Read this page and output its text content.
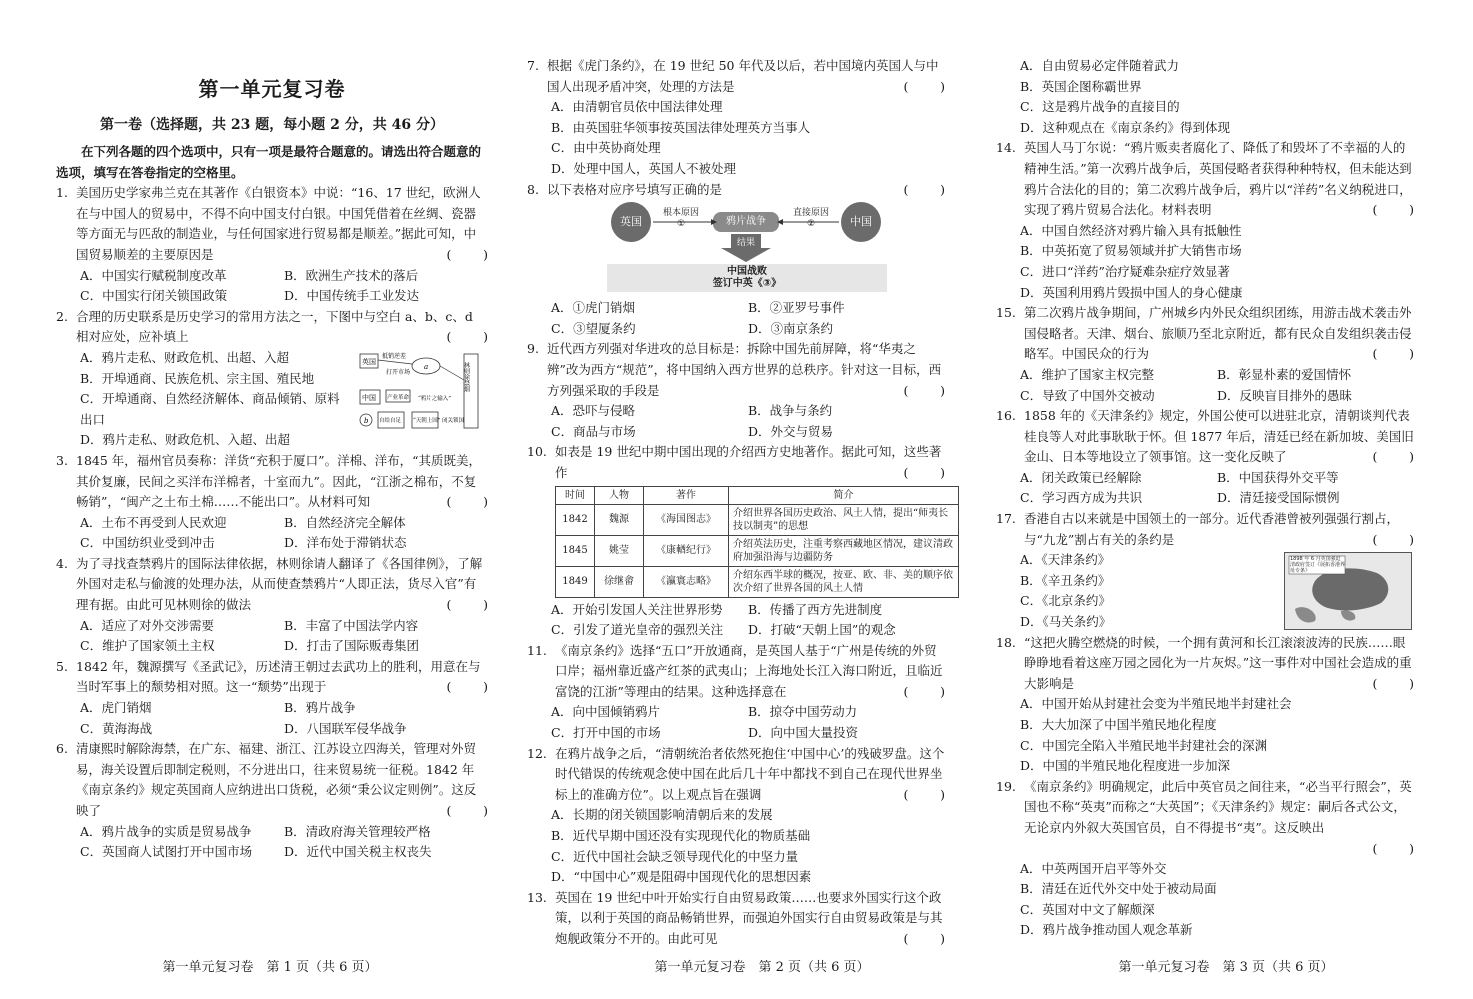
第一单元复习卷
第一卷（选择题，共 23 题，每小题 2 分，共 46 分）
在下列各题的四个选项中，只有一项是最符合题意的。请选出符合题意的选项，填写在答卷指定的空格里。

1. 美国历史学家弗兰克在其著作《白银资本》中说：“16、17 世纪，欧洲人在与中国人的贸易中，不得不向中国支付白银。中国凭借着在丝绸、瓷器等方面无与匹敌的制造业，与任何国家进行贸易都是顺差。”据此可知，中国贸易顺差的主要原因是	(        )

A．中国实行赋税制度改革	B．欧洲生产技术的落后
C．中国实行闭关锁国政策	D．中国传统手工业发达

2. 合理的历史联系是历史学习的常用方法之一，下图中与空白 a、b、c、d 相对应处，应补填上	(        )

A．鸦片走私、财政危机、出超、入超
B．开埠通商、民族危机、宗主国、殖民地
C．开埠通商、自然经济解体、商品倾销、原料出口
D．鸦片走私、财政危机、入超、出超
英国
中国
a
抵销逆差
打开市场	林则徐禁烟
产业革命 “鸦片之输入”
b 自给自足 “天朝上国” 闭关锁国

3. 1845 年，福州官员奏称：洋货“充积于厦口”。洋棉、洋布，“其质既美，其价复廉，民间之买洋布洋棉者，十室而九”。因此，“江浙之棉布，不复畅销”，“闽产之土布土棉……不能出口”。从材料可知	(        )

A．土布不再受到人民欢迎	B．自然经济完全解体
C．中国纺织业受到冲击	D．洋布处于滞销状态

4. 为了寻找查禁鸦片的国际法律依据，林则徐请人翻译了《各国律例》，了解外国对走私与偷渡的处理办法，从而使查禁鸦片“人即正法，货尽入官”有理有据。由此可见林则徐的做法	(        )

A．适应了对外交涉需要	B．丰富了中国法学内容
C．维护了国家领土主权	D．打击了国际贩毒集团

5. 1842 年，魏源撰写《圣武记》，历述清王朝过去武功上的胜利，用意在与当时军事上的颓势相对照。这一“颓势”出现于	(        )

A．虎门销烟	B．鸦片战争
C．黄海海战	D．八国联军侵华战争

6. 清康熙时解除海禁，在广东、福建、浙江、江苏设立四海关，管理对外贸易，海关设置后即制定税则，不分进出口，往来贸易统一征税。1842 年《南京条约》规定英国商人应纳进出口货税，必须“秉公议定则例”。这反映了	(        )

A．鸦片战争的实质是贸易战争	B．清政府海关管理较严格
C．英国商人试图打开中国市场	D．近代中国关税主权丧失

7. 根据《虎门条约》，在 19 世纪 50 年代及以后，若中国境内英国人与中国人出现矛盾冲突，处理的方法是	(        )

A．由清朝官员依中国法律处理
B．由英国驻华领事按英国法律处理英方当事人
C．由中英协商处理
D．处理中国人，英国人不被处理

8. 以下表格对应序号填写正确的是	(        )

英国	中国
鸦片战争
根本原因
①
直接原因
②
结果
中国战败
签订中英《③》
A．①虎门销烟	B．②亚罗号事件
C．③望厦条约	D．③南京条约

9. 近代西方列强对华进攻的总目标是：拆除中国先前屏障，将“华夷之辨”改为西方“规范”，将中国纳入西方世界的总秩序。针对这一目标，西方列强采取的手段是	(        )

A．恐吓与侵略	B．战争与条约
C．商品与市场	D．外交与贸易

10. 如表是 19 世纪中期中国出现的介绍西方史地著作。据此可知，这些著作	(        )

时间	人物	著作	简介
1842	魏源	《海国图志》	介绍世界各国历史政治、风土人情，提出“师夷长技以制夷”的思想
1845	姚莹	《康輶纪行》	介绍英法历史，注重考察西藏地区情况，建议清政府加强沿海与边疆防务
1849	徐继畬	《瀛寰志略》	介绍东西半球的概况，按亚、欧、非、美的顺序依次介绍了世界各国的风土人情
A．开始引发国人关注世界形势	B．传播了西方先进制度
C．引发了道光皇帝的强烈关注	D．打破“天朝上国”的观念

11. 《南京条约》选择“五口”开放通商，是英国人基于“广州是传统的外贸口岸；福州靠近盛产红茶的武夷山；上海地处长江入海口附近，且临近富饶的江浙”等理由的结果。这种选择意在	(        )

A．向中国倾销鸦片	B．掠夺中国劳动力
C．打开中国的市场	D．向中国大量投资

12. 在鸦片战争之后，“清朝统治者依然死抱住‘中国中心’的残破罗盘。这个时代错误的传统观念使中国在此后几十年中都找不到自己在现代世界坐标上的准确方位”。以上观点旨在强调	(        )

A．长期的闭关锁国影响清朝后来的发展
B．近代早期中国还没有实现现代化的物质基础
C．近代中国社会缺乏领导现代化的中坚力量
D．“中国中心”观是阻碍中国现代化的思想因素

13. 英国在 19 世纪中叶开始实行自由贸易政策……也要求外国实行这个政策，以利于英国的商品畅销世界，而强迫外国实行自由贸易政策是与其炮舰政策分不开的。由此可见	(        )

A．自由贸易必定伴随着武力
B．英国企图称霸世界
C．这是鸦片战争的直接目的
D．这种观点在《南京条约》得到体现

14. 英国人马丁尔说：“鸦片贩卖者腐化了、降低了和毁坏了不幸福的人的精神生活。”第一次鸦片战争后，英国侵略者获得种种特权，但未能达到鸦片合法化的目的；第二次鸦片战争后，鸦片以“洋药”名义纳税进口，实现了鸦片贸易合法化。材料表明	(        )

A．中国自然经济对鸦片输入具有抵触性
B．中英拓宽了贸易领域并扩大销售市场
C．进口“洋药”治疗疑难杂症疗效显著
D．英国利用鸦片毁损中国人的身心健康

15. 第二次鸦片战争期间，广州城乡内外民众组织团练，用游击战术袭击外国侵略者。天津、烟台、旅顺乃至北京附近，都有民众自发组织袭击侵略军。中国民众的行为	(        )

A．维护了国家主权完整	B．彰显朴素的爱国情怀
C．导致了中国外交被动	D．反映盲目排外的愚昧

16. 1858 年的《天津条约》规定，外国公使可以进驻北京，清朝谈判代表桂良等人对此事耿耿于怀。但 1877 年后，清廷已经在新加坡、美国旧金山、日本等地设立了领事馆。这一变化反映了	(        )

A．闭关政策已经解除	B．中国获得外交平等
C．学习西方成为共识	D．清廷接受国际惯例

17. 香港自古以来就是中国领土的一部分。近代香港曾被列强强行割占，与“九龙”割占有关的条约是	(        )

A．《天津条约》
B．《辛丑条约》
C．《北京条约》
D．《马关条约》
1898 年 6 月英国强迫清政府签订《展拓香港界址专条》

18. “这把火腾空燃烧的时候，一个拥有黄河和长江滚滚波涛的民族……眼睁睁地看着这座万园之园化为一片灰烬。”这一事件对中国社会造成的重大影响是	(        )

A．中国开始从封建社会变为半殖民地半封建社会
B．大大加深了中国半殖民地化程度
C．中国完全陷入半殖民地半封建社会的深渊
D．中国的半殖民地化程度进一步加深

19. 《南京条约》明确规定，此后中英官员之间往来，“必当平行照会”，英国也不称“英夷”而称之“大英国”；《天津条约》规定：嗣后各式公文，无论京内外叙大英国官员，自不得提书“夷”。这反映出

(        )
A．中英两国开启平等外交
B．清廷在近代外交中处于被动局面
C．英国对中文了解颇深
D．鸦片战争推动国人观念革新
第一单元复习卷　第 1 页（共 6 页）	第一单元复习卷　第 2 页（共 6 页）	第一单元复习卷　第 3 页（共 6 页）
